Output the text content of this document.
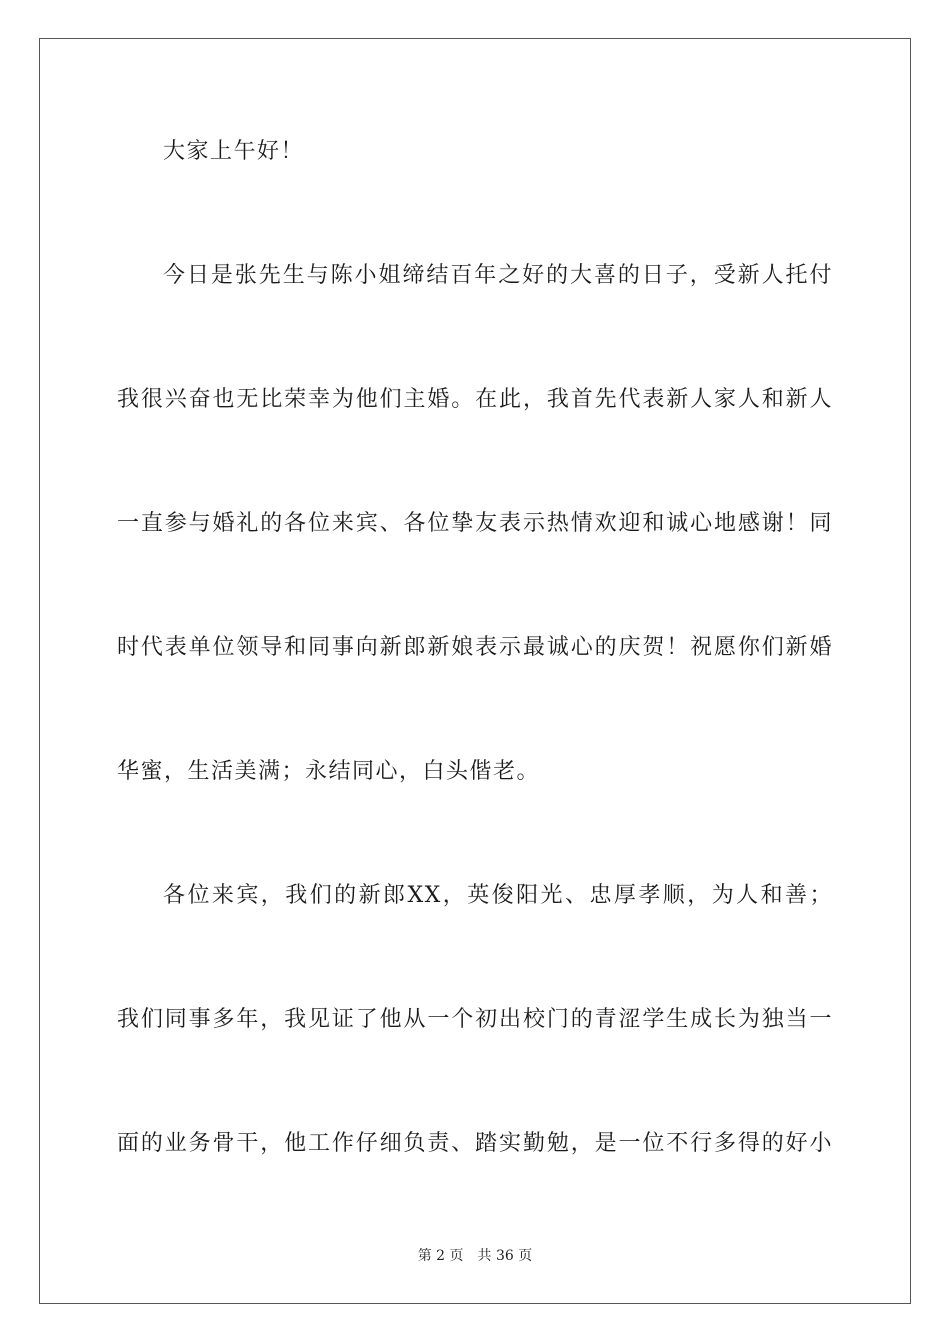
大家上午好！
今日是张先生与陈小姐缔结百年之好的大喜的日子，受新人托付
我很兴奋也无比荣幸为他们主婚。在此，我首先代表新人家人和新人
一直参与婚礼的各位来宾、各位挚友表示热情欢迎和诚心地感谢！同
时代表单位领导和同事向新郎新娘表示最诚心的庆贺！祝愿你们新婚
华蜜，生活美满；永结同心，白头偕老。
各位来宾，我们的新郎XX，英俊阳光、忠厚孝顺，为人和善；
我们同事多年，我见证了他从一个初出校门的青涩学生成长为独当一
面的业务骨干，他工作仔细负责、踏实勤勉，是一位不行多得的好小
第 2 页 共 36 页
